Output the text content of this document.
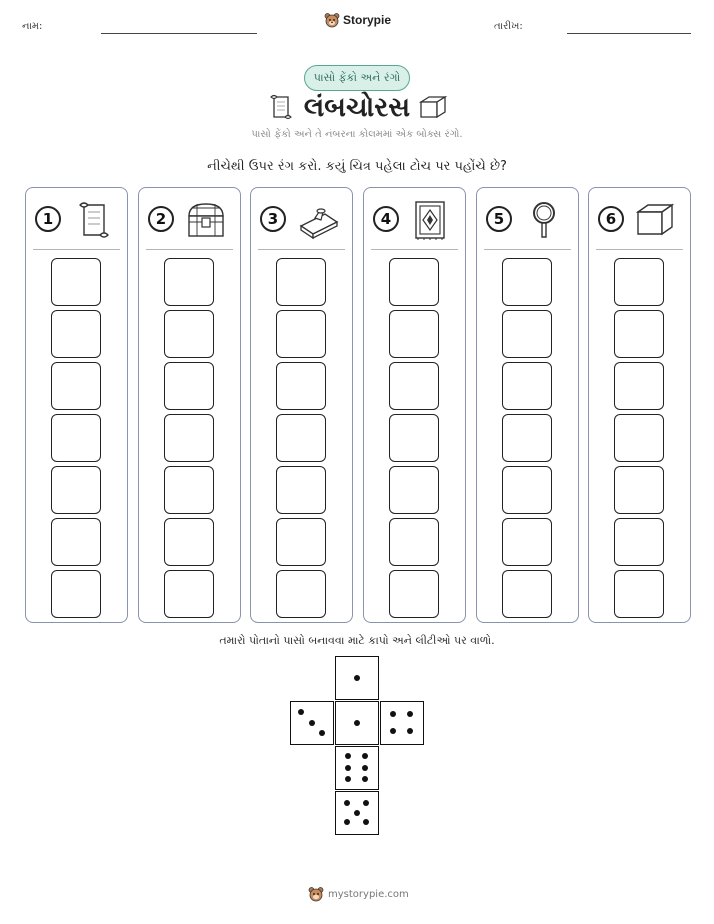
નામ:	Storypie	તારીખ:
પાસો ફેંકો અને રંગો
લંબચોરસ
પાસો ફેંકો અને તે નંબરના કોલમમાં એક બોક્સ રંગો.
નીચેથી ઉપર રંગ કરો. કયું ચિત્ર પહેલા ટોચ પર પહોંચે છે?
1	2	3	4	5	6
તમારો પોતાનો પાસો બનાવવા માટે કાપો અને લીટીઓ પર વાળો.
mystorypie.com
